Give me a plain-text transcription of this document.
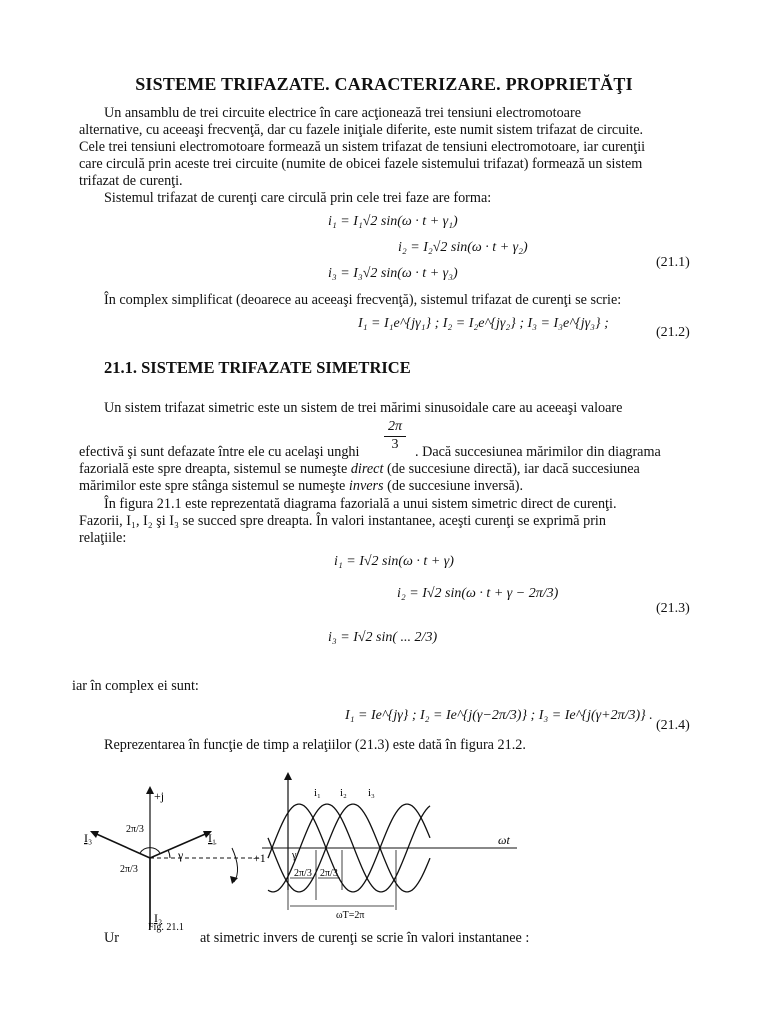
SISTEME TRIFAZATE. CARACTERIZARE. PROPRIETĂŢI
Un ansamblu de trei circuite electrice în care acţionează trei tensiuni electromotoare
alternative, cu aceeaşi frecvenţă, dar cu fazele iniţiale diferite, este numit sistem trifazat de circuite.
Cele trei tensiuni electromotoare formează un sistem trifazat de tensiuni electromotoare, iar curenţii
care circulă prin aceste trei circuite (numite de obicei fazele sistemului trifazat) formează un sistem
trifazat de curenţi.
Sistemul trifazat de curenţi care circulă prin cele trei faze are forma:
i₁ = I₁√2 sin(ω · t + γ₁)
i₂ = I₂√2 sin(ω · t + γ₂)
i₃ = I₃√2 sin(ω · t + γ₃)
(21.1)
În complex simplificat (deoarece au aceeaşi frecvenţă), sistemul trifazat de curenţi se scrie:
I₁ = I₁e^{jγ₁} ; I₂ = I₂e^{jγ₂} ; I₃ = I₃e^{jγ₃} ;
(21.2)
21.1. SISTEME TRIFAZATE SIMETRICE
Un sistem trifazat simetric este un sistem de trei mărimi sinusoidale care au aceeaşi valoare
$\frac{2\pi}{3}$
efectivă şi sunt defazate între ele cu acelaşi unghi	. Dacă succesiunea mărimilor din diagrama
fazorială este spre dreapta, sistemul se numeşte direct (de succesiune directă), iar dacă succesiunea
mărimilor este spre stânga sistemul se numeşte invers (de succesiune inversă).
În figura 21.1 este reprezentată diagrama fazorială a unui sistem simetric direct de curenţi.
Fazorii, I₁, I₂ şi I₃ se succed spre dreapta. În valori instantanee, aceşti curenţi se exprimă prin
relaţiile:
i₁ = I√2 sin(ω · t + γ)
i₂ = I√2 sin(ω · t + γ − 2π/3)
i₃ = I√2 sin( ... 2/3)
(21.3)
iar în complex ei sunt:
I₁ = Ie^{jγ} ; I₂ = Ie^{j(γ−2π/3)} ; I₃ = Ie^{j(γ+2π/3)} .
(21.4)
Reprezentarea în funcţie de timp a relaţiilor (21.3) este dată în figura 21.2.
+j
I₃	I₁
I₂
γ
2π/3
2π/3
+1
Fig. 21.1
i₁ i₂ i₃
ωt
γ
2π/3 2π/3
ωT=2π
Ur	at simetric invers de curenţi se scrie în valori instantanee :
